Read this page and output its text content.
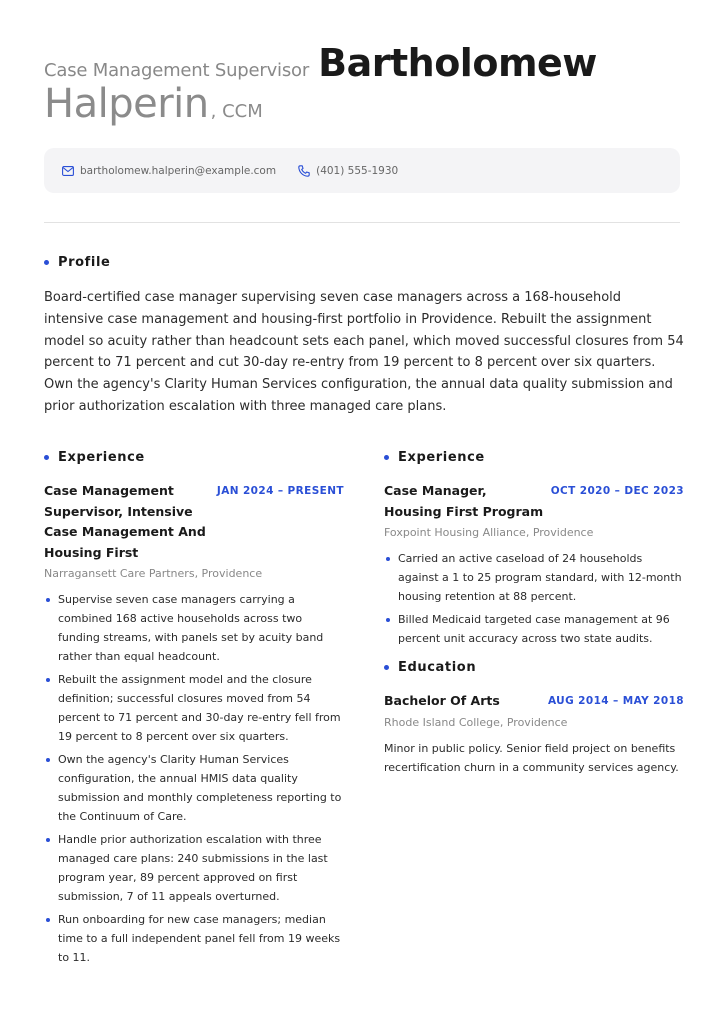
Case Management Supervisor Bartholomew
Halperin , CCM
bartholomew.halperin@example.com	(401) 555-1930
Profile

Board-certified case manager supervising seven case managers across a 168-household intensive case management and housing-first portfolio in Providence. Rebuilt the assignment model so acuity rather than headcount sets each panel, which moved successful closures from 54 percent to 71 percent and cut 30-day re-entry from 19 percent to 8 percent over six quarters. Own the agency's Clarity Human Services configuration, the annual data quality submission and prior authorization escalation with three managed care plans.

Experience
Case Management Supervisor, Intensive Case Management And Housing First
JAN 2024 – PRESENT
Narragansett Care Partners, Providence
Supervise seven case managers carrying a combined 168 active households across two funding streams, with panels set by acuity band rather than equal headcount.
Rebuilt the assignment model and the closure definition; successful closures moved from 54 percent to 71 percent and 30-day re-entry fell from 19 percent to 8 percent over six quarters.
Own the agency's Clarity Human Services configuration, the annual HMIS data quality submission and monthly completeness reporting to the Continuum of Care.
Handle prior authorization escalation with three managed care plans: 240 submissions in the last program year, 89 percent approved on first submission, 7 of 11 appeals overturned.
Run onboarding for new case managers; median time to a full independent panel fell from 19 weeks to 11.
Experience
Case Manager, Housing First Program
OCT 2020 – DEC 2023
Foxpoint Housing Alliance, Providence
Carried an active caseload of 24 households against a 1 to 25 program standard, with 12-month housing retention at 88 percent.
Billed Medicaid targeted case management at 96 percent unit accuracy across two state audits.
Education
Bachelor Of Arts	AUG 2014 – MAY 2018
Rhode Island College, Providence

Minor in public policy. Senior field project on benefits recertification churn in a community services agency.
